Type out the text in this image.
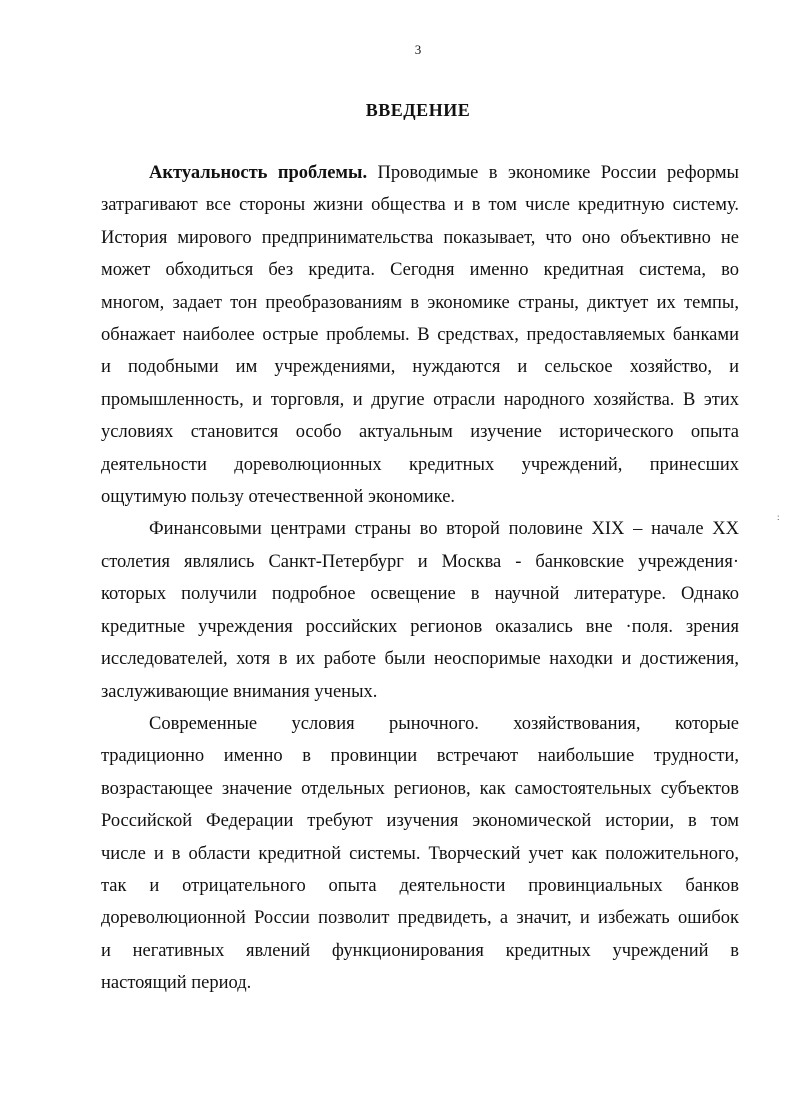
3
ВВЕДЕНИЕ
:

Актуальность проблемы. Проводимые в экономике России реформы
затрагивают все стороны жизни общества и в том числе кредитную систему.
История мирового предпринимательства показывает, что оно объективно не
может обходиться без кредита. Сегодня именно кредитная система, во
многом, задает тон преобразованиям в экономике страны, диктует их темпы,
обнажает наиболее острые проблемы. В средствах, предоставляемых банками
и подобными им учреждениями, нуждаются и сельское хозяйство, и
промышленность, и торговля, и другие отрасли народного хозяйства. В этих
условиях становится особо актуальным изучение исторического опыта
деятельности дореволюционных кредитных учреждений, принесших
ощутимую пользу отечественной экономике.

Финансовыми центрами страны во второй половине XIX – начале XX
столетия являлись Санкт-Петербург и Москва - банковские учреждения·
которых получили подробное освещение в научной литературе. Однако
кредитные учреждения российских регионов оказались вне ·поля. зрения
исследователей, хотя в их работе были неоспоримые находки и достижения,
заслуживающие внимания ученых.

Современные условия рыночного. хозяйствования, которые
традиционно именно в провинции встречают наибольшие трудности,
возрастающее значение отдельных регионов, как самостоятельных субъектов
Российской Федерации требуют изучения экономической истории, в том
числе и в области кредитной системы. Творческий учет как положительного,
так и отрицательного опыта деятельности провинциальных банков
дореволюционной России позволит предвидеть, а значит, и избежать ошибок
и негативных явлений функционирования кредитных учреждений в
настоящий период.
